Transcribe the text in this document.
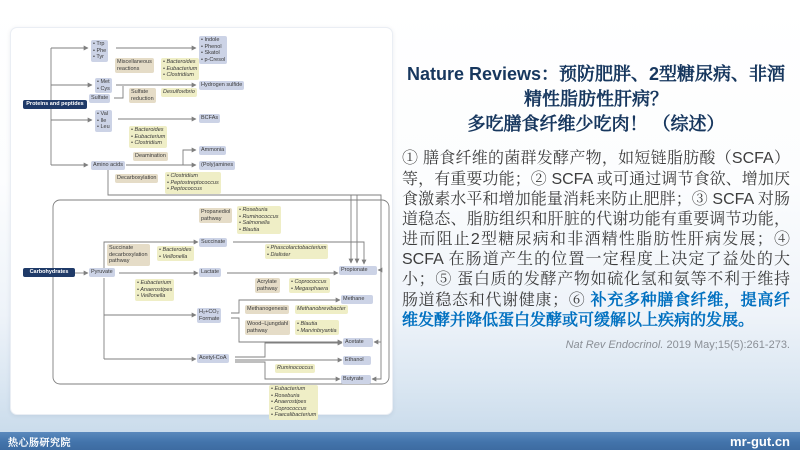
Proteins and peptides
• Trp
• Phe
• Tyr
• Indole
• Phenol
• Skatol
• p-Cresol
Miscellaneous
reactions
• Bacteroides
• Eubacterium
• Clostridium
• Met
• Cys
Hydrogen sulfide
Sulfate
Sulfate
reduction
Desulfovibrio
• Val
• Ile
• Leu
BCFAs
• Bacteroides
• Eubacterium
• Clostridium
Deamination
Ammonia
Amino acids	(Poly)amines
Decarboxylation • Clostridium
• Peptostreptococcus
• Peptococcus
Propanediol
pathway
• Roseburia
• Ruminococcus
• Salmonella
• Blautia
Succinate
Succinate
decarboxylation
pathway
• Bacteroides
• Veillonella
Carbohydrates	Pyruvate	Lactate
• Eubacterium
• Anaerostipes
• Veillonella
• Phascolarctobacterium
• Dialister
Propionate
Acrylate
pathway
• Coprococcus
• Megasphaera
Methane
H₂+CO₂
Formate
Methanogenesis Methanobrevibacter
Wood–Ljungdahl
pathway
• Blautia
• Marvinbryantia
Acetate
Acetyl-CoA	Ethanol
Ruminococcus
Butyrate
• Eubacterium
• Roseburia
• Anaerostipes
• Coprococcus
• Faecalibacterium
Nature Reviews：预防肥胖、2型糖尿病、非酒
精性脂肪性肝病？
多吃膳食纤维少吃肉！ （综述）
① 膳食纤维的菌群发酵产物，如短链脂肪酸（SCFA）等，有重要功能；② SCFA 或可通过调节食欲、增加厌食激素水平和增加能量消耗来防止肥胖；③ SCFA 对肠道稳态、脂肪组织和肝脏的代谢功能有重要调节功能，进而阻止2型糖尿病和非酒精性脂肪性肝病发展；④ SCFA 在肠道产生的位置一定程度上决定了益处的大小；⑤ 蛋白质的发酵产物如硫化氢和氨等不利于维持肠道稳态和代谢健康；⑥ 补充多种膳食纤维，提高纤维发酵并降低蛋白发酵或可缓解以上疾病的发展。
Nat Rev Endocrinol. 2019 May;15(5):261-273.
热心肠研究院	mr-gut.cn
